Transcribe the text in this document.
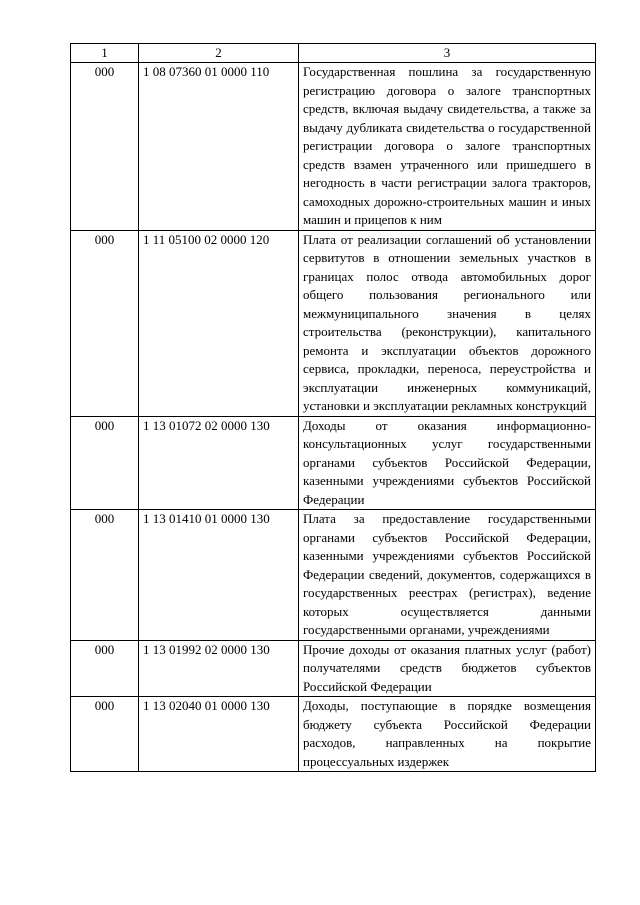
1	2	3
000	1 08 07360 01 0000 110	Государственная пошлина за государственную регистрацию договора о залоге транспортных средств, включая выдачу свидетельства, а также за выдачу дубликата свидетельства о государственной регистрации договора о залоге транспортных средств взамен утраченного или пришедшего в негодность в части регистрации залога тракторов, самоходных дорожно-строительных машин и иных машин и прицепов к ним
000	1 11 05100 02 0000 120	Плата от реализации соглашений об установлении сервитутов в отношении земельных участков в границах полос отвода автомобильных дорог общего пользования регионального или межмуниципального значения в целях строительства (реконструкции), капитального ремонта и эксплуатации объектов дорожного сервиса, прокладки, переноса, переустройства и эксплуатации инженерных коммуникаций, установки и эксплуатации рекламных конструкций
000	1 13 01072 02 0000 130	Доходы от оказания информационно-консультационных услуг государственными органами субъектов Российской Федерации, казенными учреждениями субъектов Российской Федерации
000	1 13 01410 01 0000 130	Плата за предоставление государственными органами субъектов Российской Федерации, казенными учреждениями субъектов Российской Федерации сведений, документов, содержащихся в государственных реестрах (регистрах), ведение которых осуществляется данными государственными органами, учреждениями
000	1 13 01992 02 0000 130	Прочие доходы от оказания платных услуг (работ) получателями средств бюджетов субъектов Российской Федерации
000	1 13 02040 01 0000 130	Доходы, поступающие в порядке возмещения бюджету субъекта Российской Федерации расходов, направленных на покрытие процессуальных издержек
